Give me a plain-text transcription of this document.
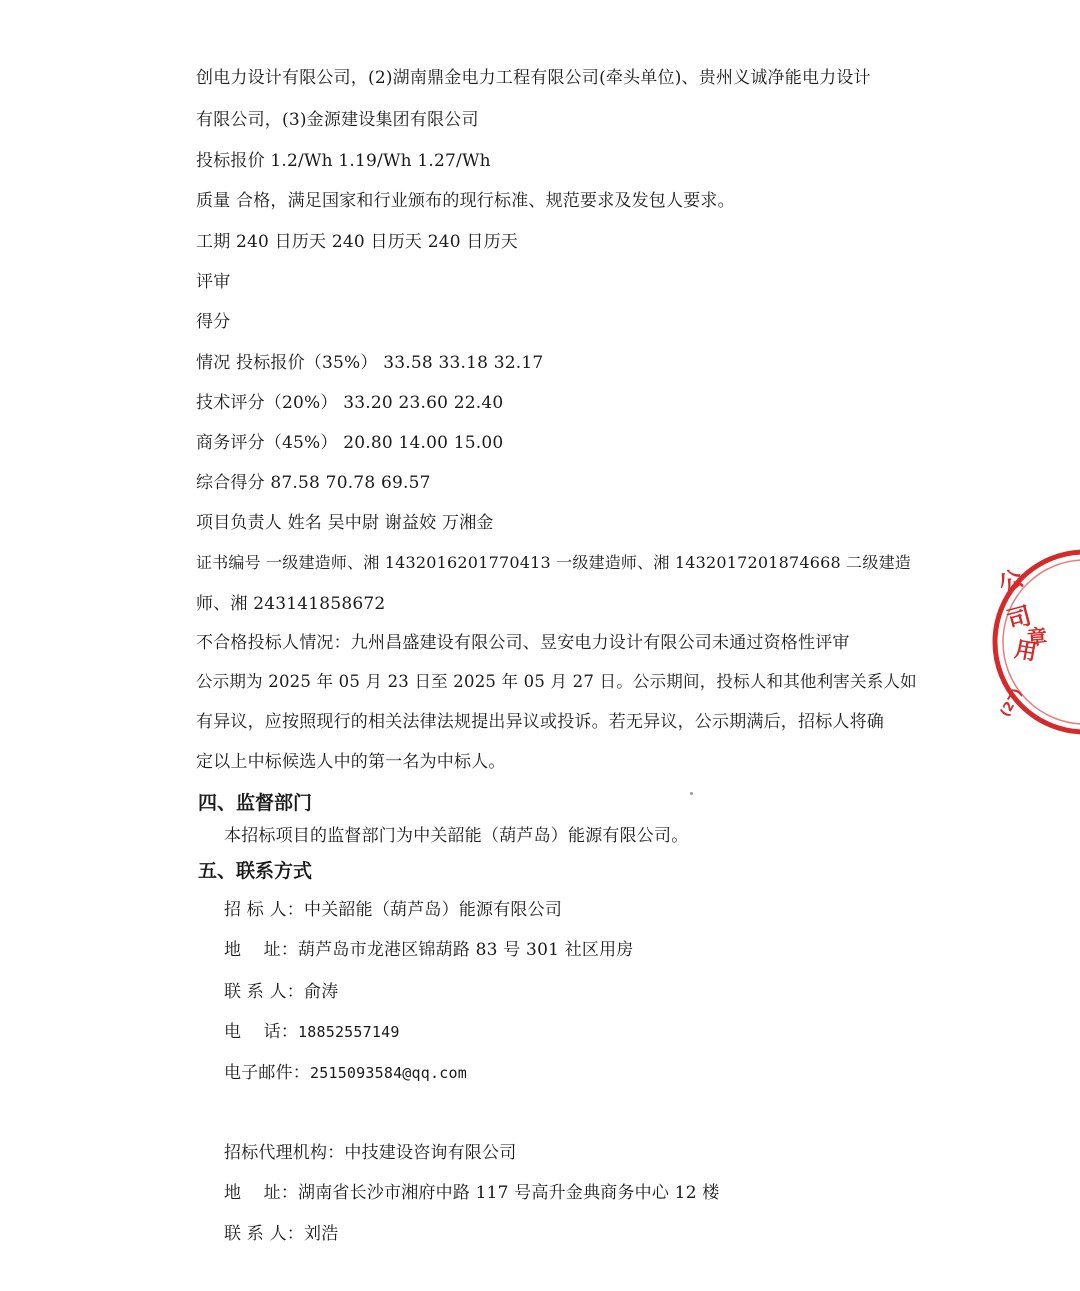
创电力设计有限公司，(2)湖南鼎金电力工程有限公司(牵头单位)、贵州义诚净能电力设计
有限公司，(3)金源建设集团有限公司
投标报价 1.2/Wh 1.19/Wh 1.27/Wh
质量 合格，满足国家和行业颁布的现行标准、规范要求及发包人要求。
工期 240 日历天 240 日历天 240 日历天
评审
得分
情况 投标报价（35%） 33.58 33.18 32.17
技术评分（20%） 33.20 23.60 22.40
商务评分（45%） 20.80 14.00 15.00
综合得分 87.58 70.78 69.57
项目负责人 姓名 吴中尉 谢益姣 万湘金
证书编号 一级建造师、湘 1432016201770413 一级建造师、湘 1432017201874668 二级建造
师、湘 243141858672
不合格投标人情况：九州昌盛建设有限公司、昱安电力设计有限公司未通过资格性评审
公示期为 2025 年 05 月 23 日至 2025 年 05 月 27 日。公示期间，投标人和其他利害关系人如
有异议，应按照现行的相关法律法规提出异议或投诉。若无异议，公示期满后，招标人将确
定以上中标候选人中的第一名为中标人。
四、监督部门
本招标项目的监督部门为中关韶能（葫芦岛）能源有限公司。
五、联系方式
招 标 人：中关韶能（葫芦岛）能源有限公司
地    址：葫芦岛市龙港区锦葫路 83 号 301 社区用房
联 系 人：俞涛
电    话：18852557149
电子邮件：2515093584@qq.com
招标代理机构：中技建设咨询有限公司
地    址：湖南省长沙市湘府中路 117 号高升金典商务中心 12 楼
联 系 人：刘浩
公
司
用
章
(27)
